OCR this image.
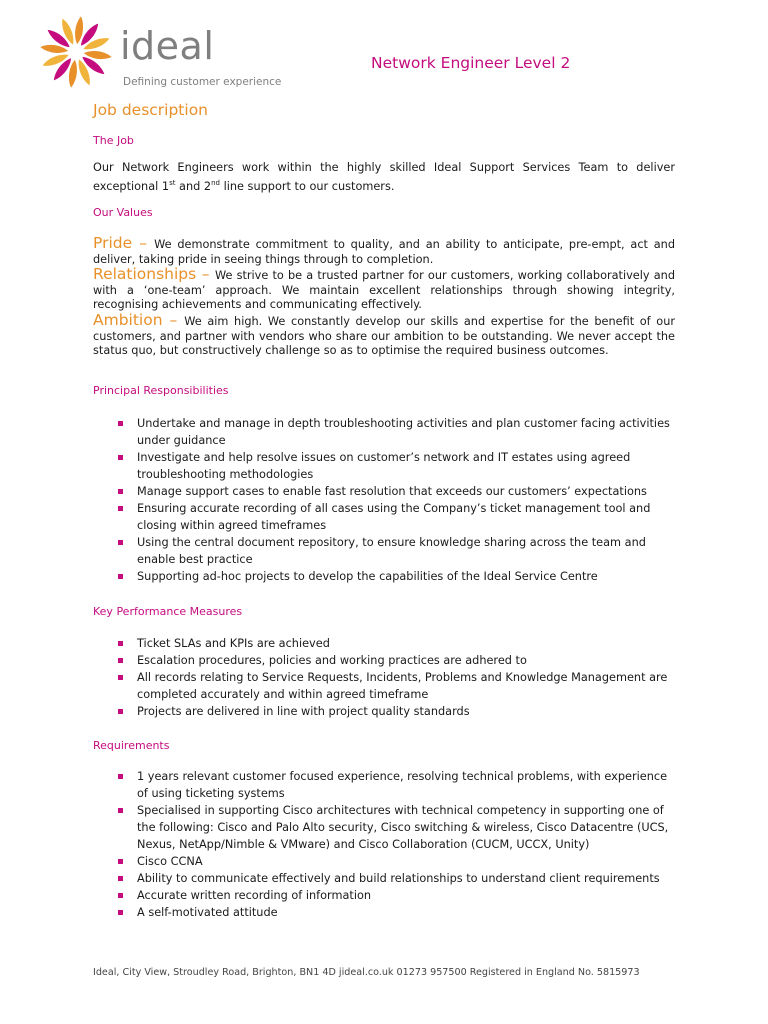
ideal
Defining customer experience
Network Engineer Level 2
Job description
The Job
Our Network Engineers work within the highly skilled Ideal Support Services Team to deliver exceptional 1st and 2nd line support to our customers.
Our Values
Pride – We demonstrate commitment to quality, and an ability to anticipate, pre-empt, act and deliver, taking pride in seeing things through to completion.
Relationships – We strive to be a trusted partner for our customers, working collaboratively and with a ‘one-team’ approach. We maintain excellent relationships through showing integrity, recognising achievements and communicating effectively.
Ambition – We aim high. We constantly develop our skills and expertise for the benefit of our customers, and partner with vendors who share our ambition to be outstanding. We never accept the status quo, but constructively challenge so as to optimise the required business outcomes.
Principal Responsibilities
Undertake and manage in depth troubleshooting activities and plan customer facing activities under guidance
Investigate and help resolve issues on customer’s network and IT estates using agreed troubleshooting methodologies
Manage support cases to enable fast resolution that exceeds our customers’ expectations
Ensuring accurate recording of all cases using the Company’s ticket management tool and closing within agreed timeframes
Using the central document repository, to ensure knowledge sharing across the team and enable best practice
Supporting ad-hoc projects to develop the capabilities of the Ideal Service Centre
Key Performance Measures
Ticket SLAs and KPIs are achieved
Escalation procedures, policies and working practices are adhered to
All records relating to Service Requests, Incidents, Problems and Knowledge Management are completed accurately and within agreed timeframe
Projects are delivered in line with project quality standards
Requirements
1 years relevant customer focused experience, resolving technical problems, with experience of using ticketing systems
Specialised in supporting Cisco architectures with technical competency in supporting one of the following: Cisco and Palo Alto security, Cisco switching & wireless, Cisco Datacentre (UCS, Nexus, NetApp/Nimble & VMware) and Cisco Collaboration (CUCM, UCCX, Unity)
Cisco CCNA
Ability to communicate effectively and build relationships to understand client requirements
Accurate written recording of information
A self-motivated attitude
Ideal, City View, Stroudley Road, Brighton, BN1 4D jideal.co.uk 01273 957500 Registered in England No. 5815973
